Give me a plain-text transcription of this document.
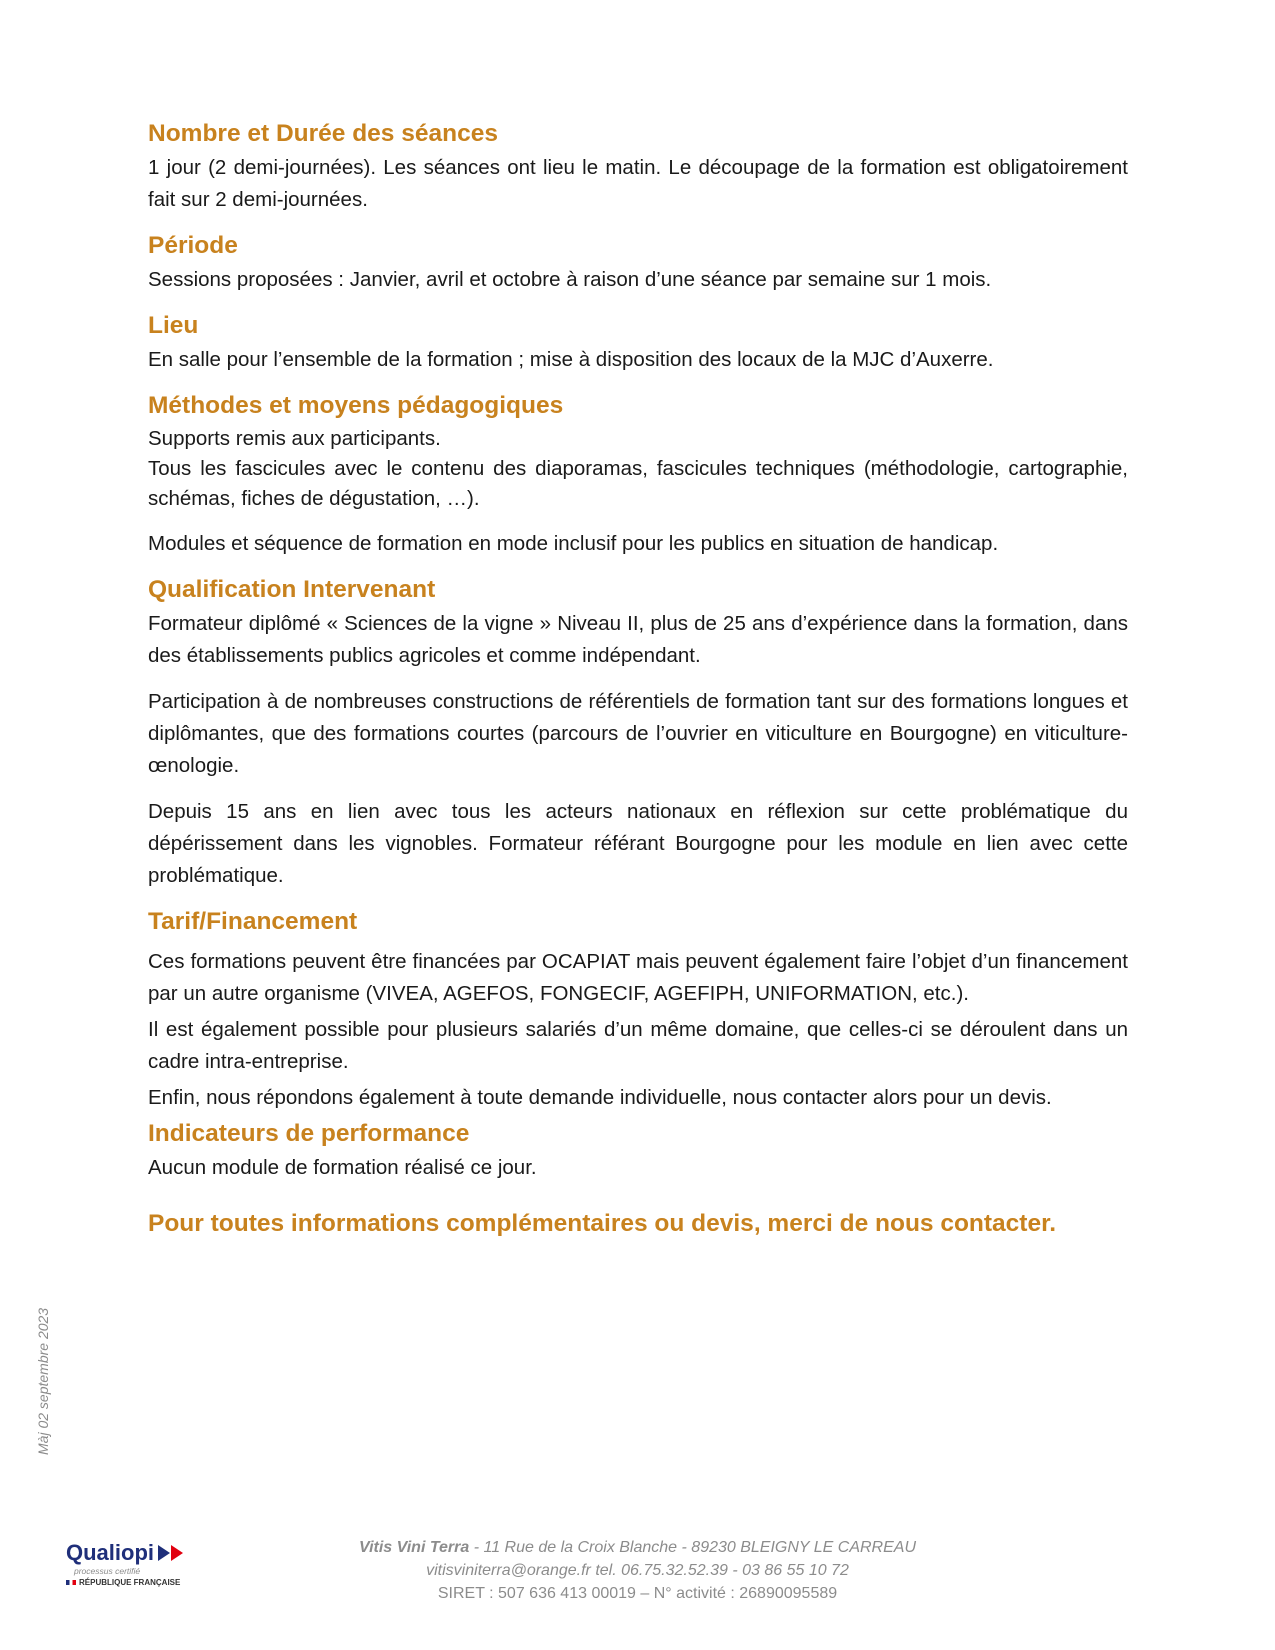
Nombre et Durée des séances

1 jour (2 demi-journées). Les séances ont lieu le matin. Le découpage de la formation est obligatoirement fait sur 2 demi-journées.

Période

Sessions proposées : Janvier, avril et octobre à raison d’une séance par semaine sur 1 mois.

Lieu

En salle pour l’ensemble de la formation ; mise à disposition des locaux de la MJC d’Auxerre.

Méthodes et moyens pédagogiques

Supports remis aux participants.

Tous les fascicules avec le contenu des diaporamas, fascicules techniques (méthodologie, cartographie, schémas, fiches de dégustation, …).

Modules et séquence de formation en mode inclusif pour les publics en situation de handicap.

Qualification Intervenant

Formateur diplômé « Sciences de la vigne » Niveau II, plus de 25 ans d’expérience dans la formation, dans des établissements publics agricoles et comme indépendant.

Participation à de nombreuses constructions de référentiels de formation tant sur des formations longues et diplômantes, que des formations courtes (parcours de l’ouvrier en viticulture en Bourgogne) en viticulture-œnologie.

Depuis 15 ans en lien avec tous les acteurs nationaux en réflexion sur cette problématique du dépérissement dans les vignobles. Formateur référant Bourgogne pour les module en lien avec cette problématique.

Tarif/Financement

Ces formations peuvent être financées par OCAPIAT mais peuvent également faire l’objet d’un financement par un autre organisme (VIVEA, AGEFOS, FONGECIF, AGEFIPH, UNIFORMATION, etc.).

Il est également possible pour plusieurs salariés d’un même domaine, que celles-ci se déroulent dans un cadre intra-entreprise.

Enfin, nous répondons également à toute demande individuelle, nous contacter alors pour un devis.

Indicateurs de performance

Aucun module de formation réalisé ce jour.

Pour toutes informations complémentaires ou devis, merci de nous contacter.
Màj 02 septembre 2023
Qualiopi
processus certifié
RÉPUBLIQUE FRANÇAISE
Vitis Vini Terra - 11 Rue de la Croix Blanche - 89230 BLEIGNY LE CARREAU
vitisviniterra@orange.fr tel. 06.75.32.52.39 - 03 86 55 10 72
SIRET : 507 636 413 00019 – N° activité : 26890095589
